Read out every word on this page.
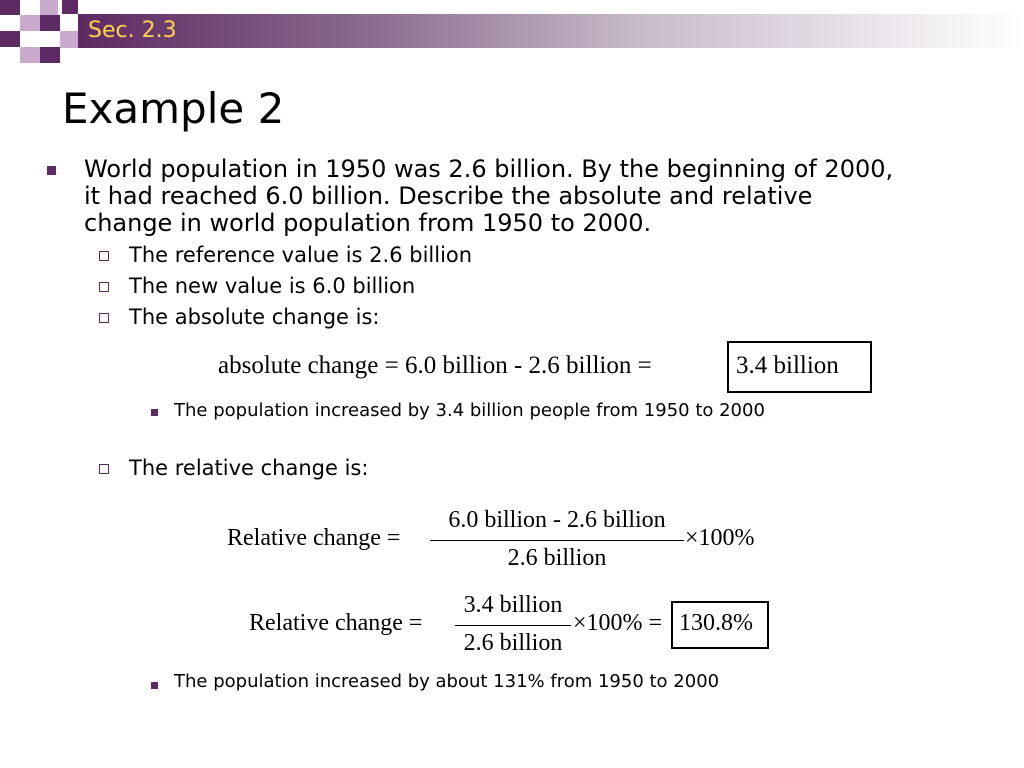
Sec. 2.3
Example 2
World population in 1950 was 2.6 billion. By the beginning of 2000, it had reached 6.0 billion. Describe the absolute and relative change in world population from 1950 to 2000.
The reference value is 2.6 billion
The new value is 6.0 billion
The absolute change is:
absolute change = 6.0 billion - 2.6 billion =	3.4 billion
The population increased by 3.4 billion people from 1950 to 2000
The relative change is:
Relative change =
6.0 billion - 2.6 billion
2.6 billion
×100%
Relative change =
3.4 billion
2.6 billion
×100% = 130.8%
The population increased by about 131% from 1950 to 2000
